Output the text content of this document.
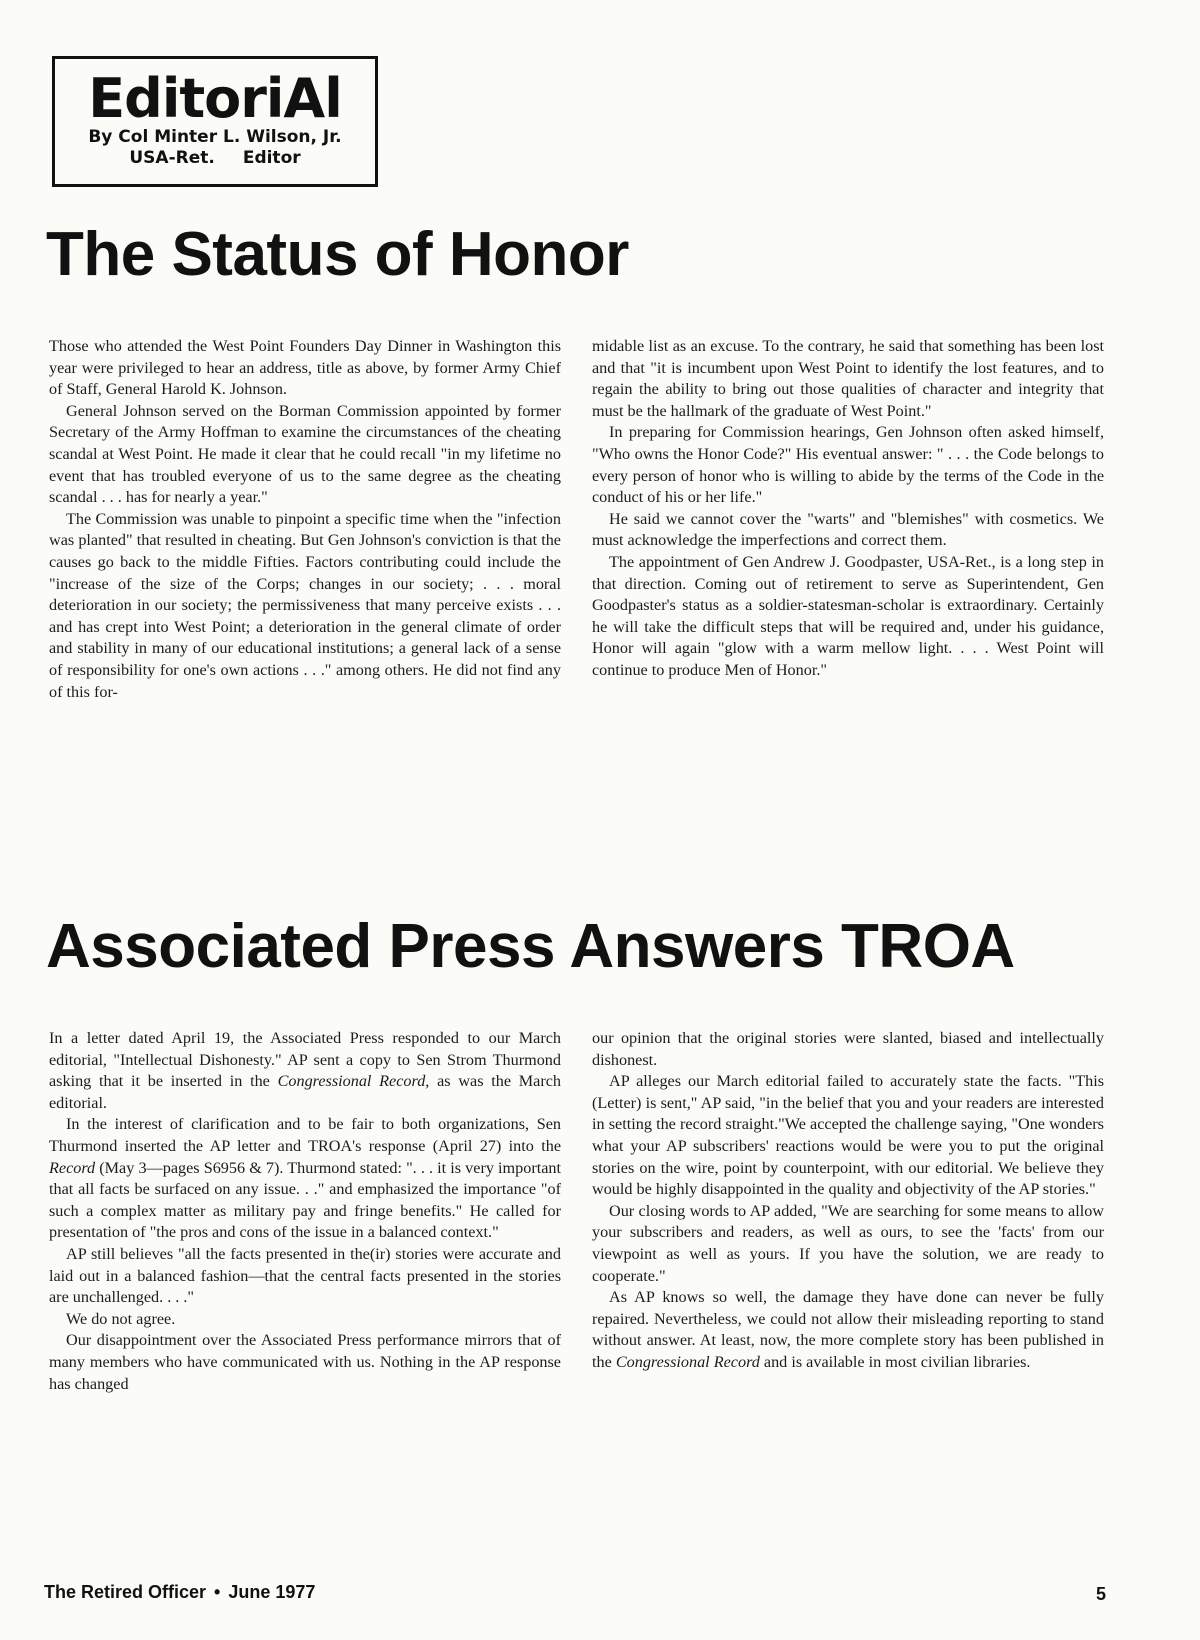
EditoriAl
By Col Minter L. Wilson, Jr.
USA-Ret. Editor
The Status of Honor

Those who attended the West Point Founders Day Dinner in Washington this year were privileged to hear an address, title as above, by former Army Chief of Staff, General Harold K. Johnson.

General Johnson served on the Borman Commission appointed by former Secretary of the Army Hoffman to examine the circumstances of the cheating scandal at West Point. He made it clear that he could recall "in my lifetime no event that has troubled everyone of us to the same degree as the cheating scandal . . . has for nearly a year."

The Commission was unable to pinpoint a specific time when the "infection was planted" that resulted in cheating. But Gen Johnson's conviction is that the causes go back to the middle Fifties. Factors contributing could include the "increase of the size of the Corps; changes in our society; . . . moral deterioration in our society; the permissiveness that many perceive exists . . . and has crept into West Point; a deterioration in the general climate of order and stability in many of our educational institutions; a general lack of a sense of responsibility for one's own actions . . ." among others. He did not find any of this for-

midable list as an excuse. To the contrary, he said that something has been lost and that "it is incumbent upon West Point to identify the lost features, and to regain the ability to bring out those qualities of character and integrity that must be the hallmark of the graduate of West Point."

In preparing for Commission hearings, Gen Johnson often asked himself, "Who owns the Honor Code?" His eventual answer: " . . . the Code belongs to every person of honor who is willing to abide by the terms of the Code in the conduct of his or her life."

He said we cannot cover the "warts" and "blemishes" with cosmetics. We must acknowledge the imperfections and correct them.

The appointment of Gen Andrew J. Goodpaster, USA-Ret., is a long step in that direction. Coming out of retirement to serve as Superintendent, Gen Goodpaster's status as a soldier-statesman-scholar is extraordinary. Certainly he will take the difficult steps that will be required and, under his guidance, Honor will again "glow with a warm mellow light. . . . West Point will continue to produce Men of Honor."

Associated Press Answers TROA

In a letter dated April 19, the Associated Press responded to our March editorial, "Intellectual Dishonesty." AP sent a copy to Sen Strom Thurmond asking that it be inserted in the Congressional Record, as was the March editorial.

In the interest of clarification and to be fair to both organizations, Sen Thurmond inserted the AP letter and TROA's response (April 27) into the Record (May 3—pages S6956 & 7). Thurmond stated: ". . . it is very important that all facts be surfaced on any issue. . ." and emphasized the importance "of such a complex matter as military pay and fringe benefits." He called for presentation of "the pros and cons of the issue in a balanced context."

AP still believes "all the facts presented in the(ir) stories were accurate and laid out in a balanced fashion—that the central facts presented in the stories are unchallenged. . . ."

We do not agree.

Our disappointment over the Associated Press performance mirrors that of many members who have communicated with us. Nothing in the AP response has changed

our opinion that the original stories were slanted, biased and intellectually dishonest.

AP alleges our March editorial failed to accurately state the facts. "This (Letter) is sent," AP said, "in the belief that you and your readers are interested in setting the record straight."We accepted the challenge saying, "One wonders what your AP subscribers' reactions would be were you to put the original stories on the wire, point by counterpoint, with our editorial. We believe they would be highly disappointed in the quality and objectivity of the AP stories."

Our closing words to AP added, "We are searching for some means to allow your subscribers and readers, as well as ours, to see the 'facts' from our viewpoint as well as yours. If you have the solution, we are ready to cooperate."

As AP knows so well, the damage they have done can never be fully repaired. Nevertheless, we could not allow their misleading reporting to stand without answer. At least, now, the more complete story has been published in the Congressional Record and is available in most civilian libraries.

The Retired Officer • June 1977	5
